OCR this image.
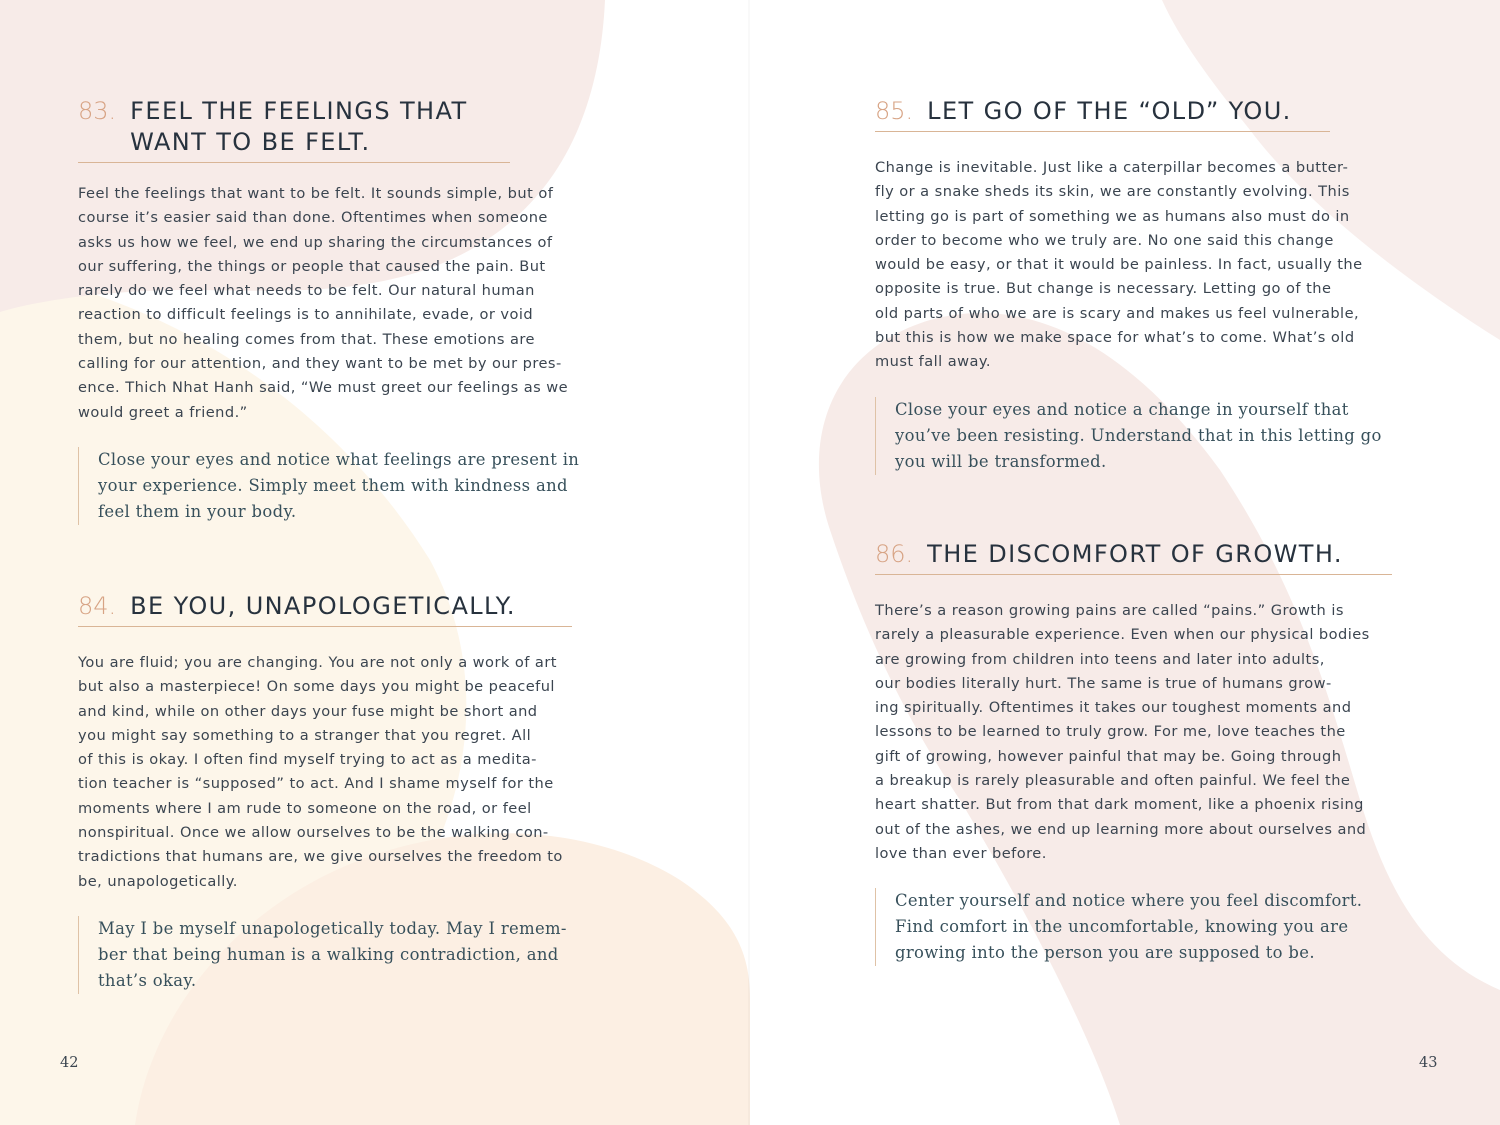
83. FEEL THE FEELINGS THAT
WANT TO BE FELT.
Feel the feelings that want to be felt. It sounds simple, but of
course it’s easier said than done. Oftentimes when someone
asks us how we feel, we end up sharing the circumstances of
our suffering, the things or people that caused the pain. But
rarely do we feel what needs to be felt. Our natural human
reaction to difficult feelings is to annihilate, evade, or void
them, but no healing comes from that. These emotions are
calling for our attention, and they want to be met by our pres-
ence. Thich Nhat Hanh said, “We must greet our feelings as we
would greet a friend.”
Close your eyes and notice what feelings are present in
your experience. Simply meet them with kindness and
feel them in your body.
84. BE YOU, UNAPOLOGETICALLY.
You are fluid; you are changing. You are not only a work of art
but also a masterpiece! On some days you might be peaceful
and kind, while on other days your fuse might be short and
you might say something to a stranger that you regret. All
of this is okay. I often find myself trying to act as a medita-
tion teacher is “supposed” to act. And I shame myself for the
moments where I am rude to someone on the road, or feel
nonspiritual. Once we allow ourselves to be the walking con-
tradictions that humans are, we give ourselves the freedom to
be, unapologetically.
May I be myself unapologetically today. May I remem-
ber that being human is a walking contradiction, and
that’s okay.
42
85. LET GO OF THE “OLD” YOU.
Change is inevitable. Just like a caterpillar becomes a butter-
fly or a snake sheds its skin, we are constantly evolving. This
letting go is part of something we as humans also must do in
order to become who we truly are. No one said this change
would be easy, or that it would be painless. In fact, usually the
opposite is true. But change is necessary. Letting go of the
old parts of who we are is scary and makes us feel vulnerable,
but this is how we make space for what’s to come. What’s old
must fall away.
Close your eyes and notice a change in yourself that
you’ve been resisting. Understand that in this letting go
you will be transformed.
86. THE DISCOMFORT OF GROWTH.
There’s a reason growing pains are called “pains.” Growth is
rarely a pleasurable experience. Even when our physical bodies
are growing from children into teens and later into adults,
our bodies literally hurt. The same is true of humans grow-
ing spiritually. Oftentimes it takes our toughest moments and
lessons to be learned to truly grow. For me, love teaches the
gift of growing, however painful that may be. Going through
a breakup is rarely pleasurable and often painful. We feel the
heart shatter. But from that dark moment, like a phoenix rising
out of the ashes, we end up learning more about ourselves and
love than ever before.
Center yourself and notice where you feel discomfort.
Find comfort in the uncomfortable, knowing you are
growing into the person you are supposed to be.
43
